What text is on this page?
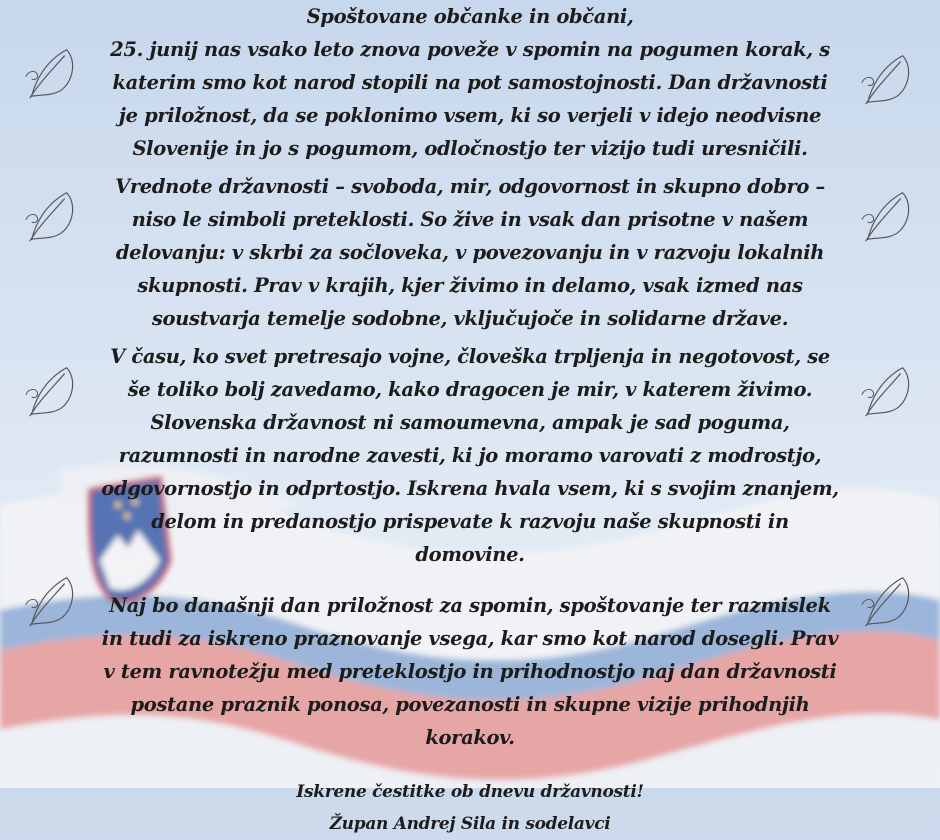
Spoštovane občanke in občani,

25. junij nas vsako leto znova poveže v spomin na pogumen korak, s katerim smo kot narod stopili na pot samostojnosti. Dan državnosti je priložnost, da se poklonimo vsem, ki so verjeli v idejo neodvisne Slovenije in jo s pogumom, odločnostjo ter vizijo tudi uresničili.

Vrednote državnosti – svoboda, mir, odgovornost in skupno dobro – niso le simboli preteklosti. So žive in vsak dan prisotne v našem delovanju: v skrbi za sočloveka, v povezovanju in v razvoju lokalnih skupnosti. Prav v krajih, kjer živimo in delamo, vsak izmed nas soustvarja temelje sodobne, vključujoče in solidarne države.

V času, ko svet pretresajo vojne, človeška trpljenja in negotovost, se še toliko bolj zavedamo, kako dragocen je mir, v katerem živimo. Slovenska državnost ni samoumevna, ampak je sad poguma, razumnosti in narodne zavesti, ki jo moramo varovati z modrostjo, odgovornostjo in odprtostjo. Iskrena hvala vsem, ki s svojim znanjem, delom in predanostjo prispevate k razvoju naše skupnosti in domovine.

Naj bo današnji dan priložnost za spomin, spoštovanje ter razmislek in tudi za iskreno praznovanje vsega, kar smo kot narod dosegli. Prav v tem ravnotežju med preteklostjo in prihodnostjo naj dan državnosti postane praznik ponosa, povezanosti in skupne vizije prihodnjih korakov.

Iskrene čestitke ob dnevu državnosti!

Župan Andrej Sila in sodelavci
